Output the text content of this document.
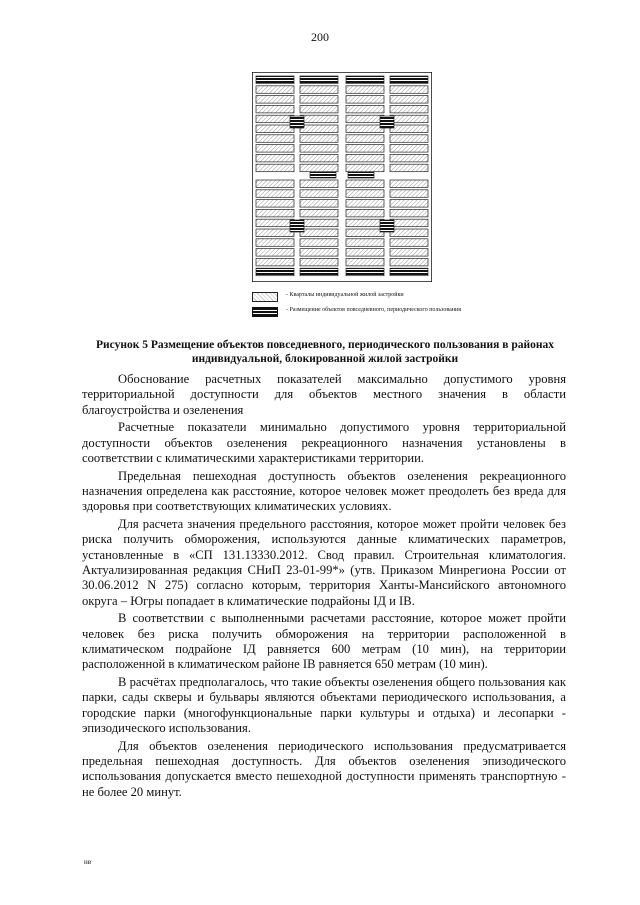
200
- Кварталы индивидуальной жилой застройки
- Размещение объектов повседневного, периодического пользования
Рисунок 5 Размещение объектов повседневного, периодического пользования в районах индивидуальной, блокированной жилой застройки

Обоснование расчетных показателей максимально допустимого уровня территориальной доступности для объектов местного значения в области благоустройства и озеленения

Расчетные показатели минимально допустимого уровня территориальной доступности объектов озеленения рекреационного назначения установлены в соответствии с климатическими характеристиками территории.

Предельная пешеходная доступность объектов озеленения рекреационного назначения определена как расстояние, которое человек может преодолеть без вреда для здоровья при соответствующих климатических условиях.

Для расчета значения предельного расстояния, которое может пройти человек без риска получить обморожения, используются данные климатических параметров, установленные в «СП 131.13330.2012. Свод правил. Строительная климатология. Актуализированная редакция СНиП 23-01-99*» (утв. Приказом Минрегиона России от 30.06.2012 N 275) согласно которым, территория Ханты-Мансийского автономного округа – Югры попадает в климатические подрайоны IД и IB.

В соответствии с выполненными расчетами расстояние, которое может пройти человек без риска получить обморожения на территории расположенной в климатическом подрайоне IД равняется 600 метрам (10 мин), на территории расположенной в климатическом районе IB равняется 650 метрам (10 мин).

В расчётах предполагалось, что такие объекты озеленения общего пользования как парки, сады скверы и бульвары являются объектами периодического использования, а городские парки (многофункциональные парки культуры и отдыха) и лесопарки - эпизодического использования.

Для объектов озеленения периодического использования предусматривается предельная пешеходная доступность. Для объектов озеленения эпизодического использования допускается вместо пешеходной доступности применять транспортную - не более 20 минут.

нв
